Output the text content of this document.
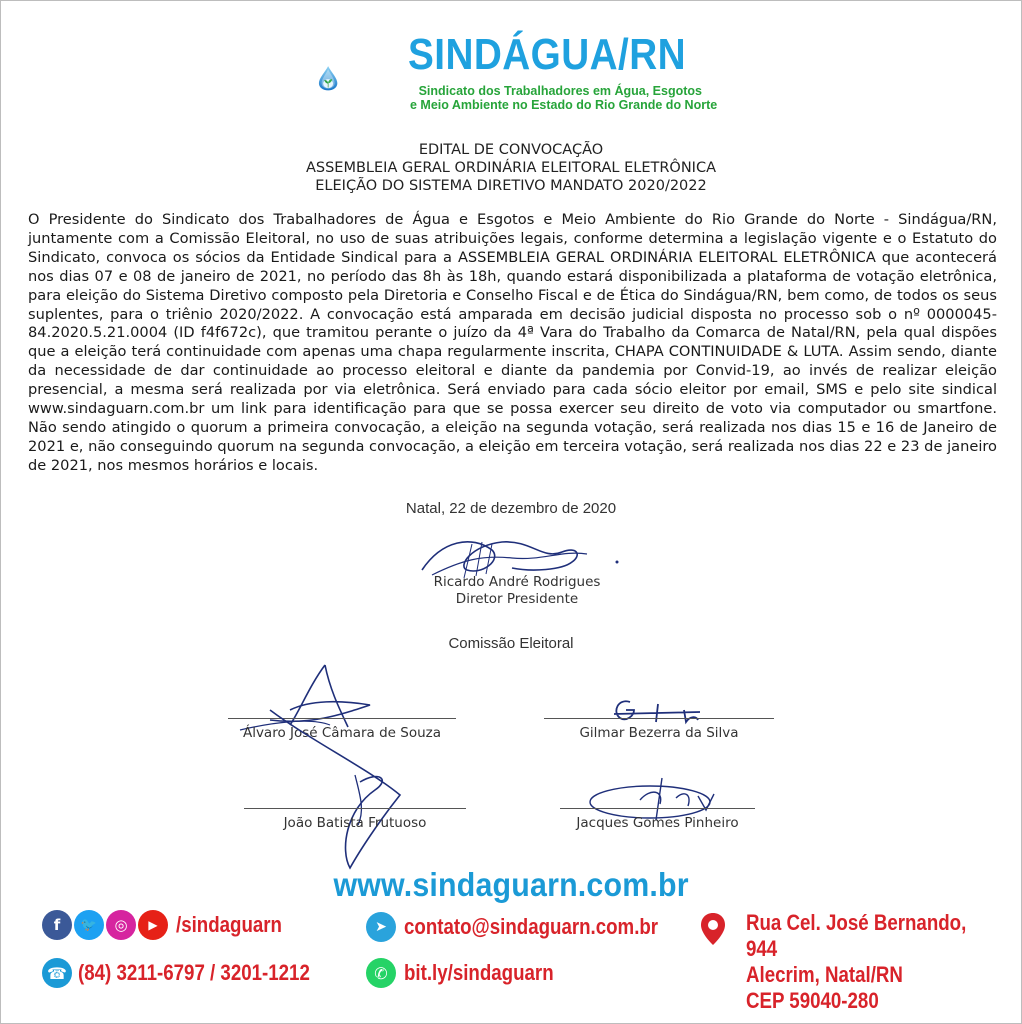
SINDÁGUA/RN
Sindicato dos Trabalhadores em Água, Esgotos
e Meio Ambiente no Estado do Rio Grande do Norte
EDITAL DE CONVOCAÇÃO
ASSEMBLEIA GERAL ORDINÁRIA ELEITORAL ELETRÔNICA
ELEIÇÃO DO SISTEMA DIRETIVO MANDATO 2020/2022
O Presidente do Sindicato dos Trabalhadores de Água e Esgotos e Meio Ambiente do Rio Grande do Norte - Sindágua/RN, juntamente com a Comissão Eleitoral, no uso de suas atribuições legais, conforme determina a legislação vigente e o Estatuto do Sindicato, convoca os sócios da Entidade Sindical para a ASSEMBLEIA GERAL ORDINÁRIA ELEITORAL ELETRÔNICA que acontecerá nos dias 07 e 08 de janeiro de 2021, no período das 8h às 18h, quando estará disponibilizada a plataforma de votação eletrônica, para eleição do Sistema Diretivo composto pela Diretoria e Conselho Fiscal e de Ética do Sindágua/RN, bem como, de todos os seus suplentes, para o triênio 2020/2022. A convocação está amparada em decisão judicial disposta no processo sob o nº 0000045-84.2020.5.21.0004 (ID f4f672c), que tramitou perante o juízo da 4ª Vara do Trabalho da Comarca de Natal/RN, pela qual dispões que a eleição terá continuidade com apenas uma chapa regularmente inscrita, CHAPA CONTINUIDADE & LUTA. Assim sendo, diante da necessidade de dar continuidade ao processo eleitoral e diante da pandemia por Convid-19, ao invés de realizar eleição presencial, a mesma será realizada por via eletrônica. Será enviado para cada sócio eleitor por email, SMS e pelo site sindical www.sindaguarn.com.br um link para identificação para que se possa exercer seu direito de voto via computador ou smartfone. Não sendo atingido o quorum a primeira convocação, a eleição na segunda votação, será realizada nos dias 15 e 16 de Janeiro de 2021 e, não conseguindo quorum na segunda convocação, a eleição em terceira votação, será realizada nos dias 22 e 23 de janeiro de 2021, nos mesmos horários e locais.
Natal, 22 de dezembro de 2020
Ricardo André Rodrigues
Diretor Presidente
Comissão Eleitoral
Álvaro José Câmara de Souza	Gilmar Bezerra da Silva
João Batista Frutuoso	Jacques Gomes Pinheiro
www.sindaguarn.com.br
f	🐦	◎	▶ /sindaguarn
☎ (84) 3211-6797 / 3201-1212
➤ contato@sindaguarn.com.br
✆ bit.ly/sindaguarn
Rua Cel. José Bernando, 944
Alecrim, Natal/RN
CEP 59040-280
